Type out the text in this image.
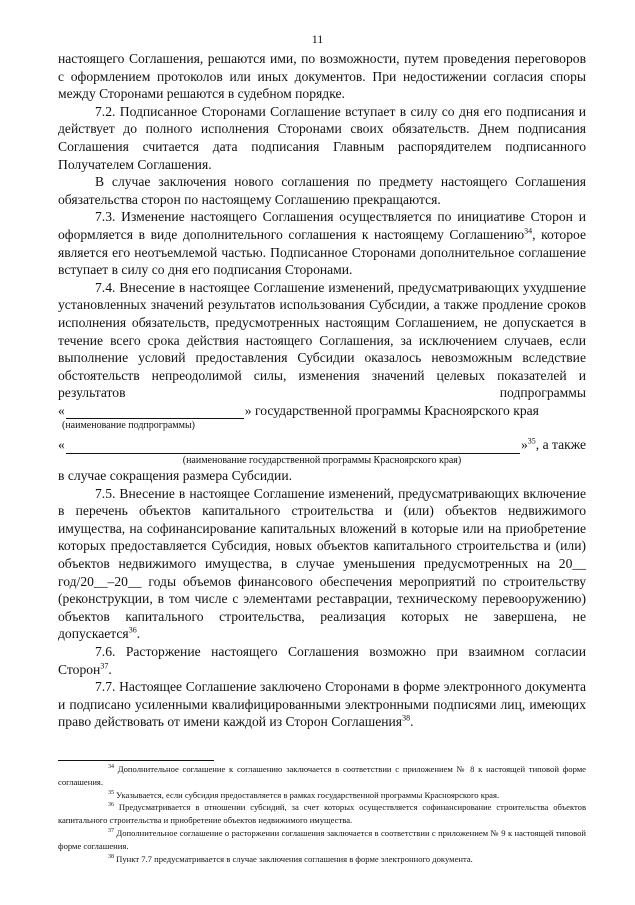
11

настоящего Соглашения, решаются ими, по возможности, путем проведения переговоров с оформлением протоколов или иных документов. При недостижении согласия споры между Сторонами решаются в судебном порядке.

7.2. Подписанное Сторонами Соглашение вступает в силу со дня его подписания и действует до полного исполнения Сторонами своих обязательств. Днем подписания Соглашения считается дата подписания Главным распорядителем подписанного Получателем Соглашения.

В случае заключения нового соглашения по предмету настоящего Соглашения обязательства сторон по настоящему Соглашению прекращаются.

7.3. Изменение настоящего Соглашения осуществляется по инициативе Сторон и оформляется в виде дополнительного соглашения к настоящему Соглашению$^{34}$, которое является его неотъемлемой частью. Подписанное Сторонами дополнительное соглашение вступает в силу со дня его подписания Сторонами.

7.4. Внесение в настоящее Соглашение изменений, предусматривающих ухудшение установленных значений результатов использования Субсидии, а также продление сроков исполнения обязательств, предусмотренных настоящим Соглашением, не допускается в течение всего срока действия настоящего Соглашения, за исключением случаев, если выполнение условий предоставления Субсидии оказалось невозможным вследствие обстоятельств непреодолимой силы, изменения значений целевых показателей и результатов подпрограммы

«	» государственной программы Красноярского края

(наименование подпрограммы)

«	»$^{35}$, а также

(наименование государственной программы Красноярского края)

в случае сокращения размера Субсидии.

7.5. Внесение в настоящее Соглашение изменений, предусматривающих включение в перечень объектов капитального строительства и (или) объектов недвижимого имущества, на софинансирование капитальных вложений в которые или на приобретение которых предоставляется Субсидия, новых объектов капитального строительства и (или) объектов недвижимого имущества, в случае уменьшения предусмотренных на 20__ год/20__–20__ годы объемов финансового обеспечения мероприятий по строительству (реконструкции, в том числе с элементами реставрации, техническому перевооружению) объектов капитального строительства, реализация которых не завершена, не допускается$^{36}$.

7.6. Расторжение настоящего Соглашения возможно при взаимном согласии Сторон$^{37}$.

7.7. Настоящее Соглашение заключено Сторонами в форме электронного документа и подписано усиленными квалифицированными электронными подписями лиц, имеющих право действовать от имени каждой из Сторон Соглашения$^{38}$.

$^{34}$ Дополнительное соглашение к соглашению заключается в соответствии с приложением № 8 к настоящей типовой форме соглашения.

$^{35}$ Указывается, если субсидия предоставляется в рамках государственной программы Красноярского края.

$^{36}$ Предусматривается в отношении субсидий, за счет которых осуществляется софинансирование строительства объектов капитального строительства и приобретение объектов недвижимого имущества.

$^{37}$ Дополнительное соглашение о расторжении соглашения заключается в соответствии с приложением № 9 к настоящей типовой форме соглашения.

$^{38}$ Пункт 7.7 предусматривается в случае заключения соглашения в форме электронного документа.
